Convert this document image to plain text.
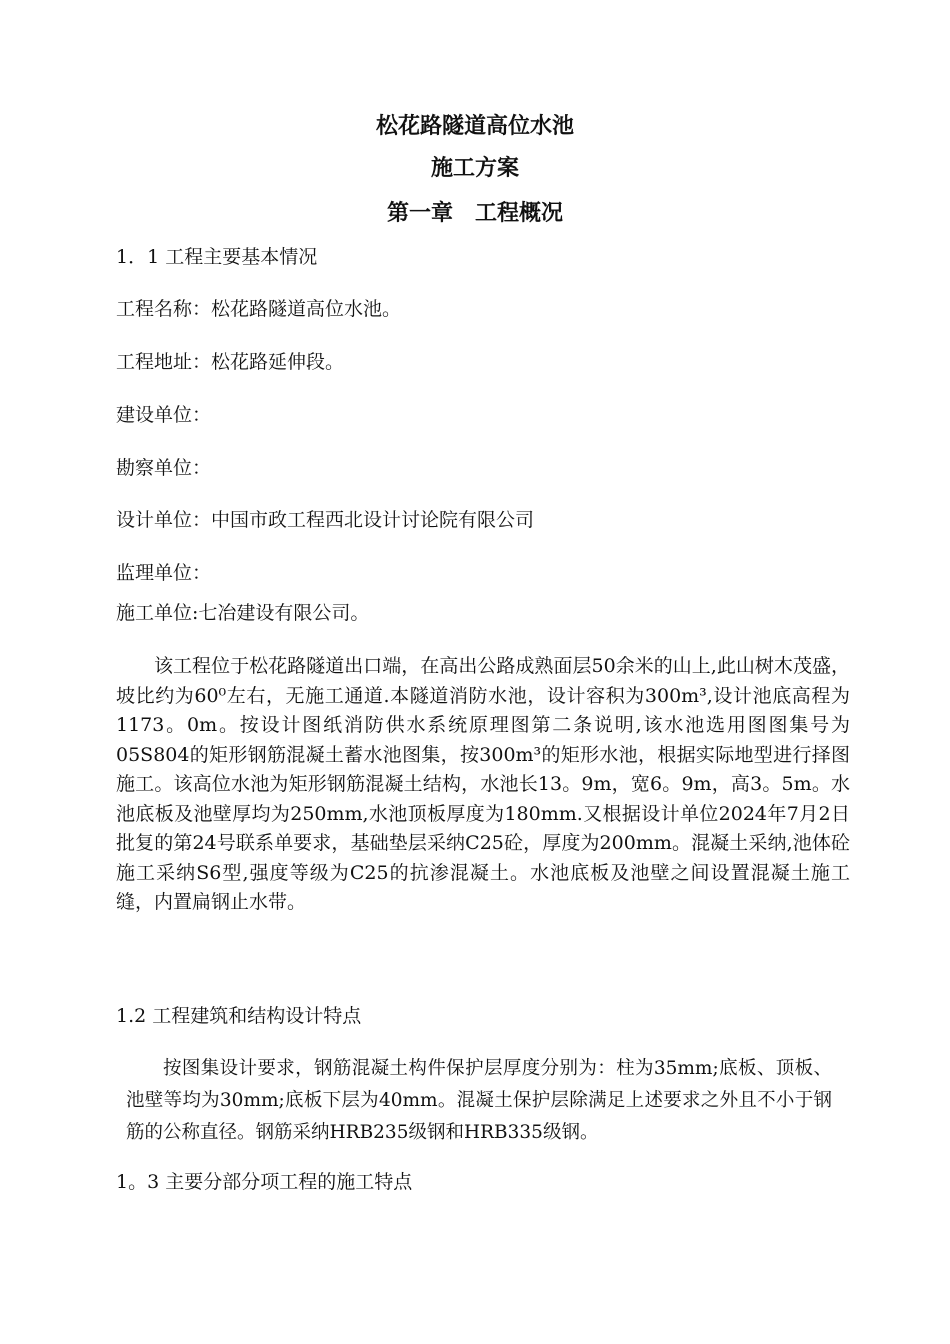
松花路隧道高位水池
施工方案
第一章　工程概况
1．1 工程主要基本情况
工程名称：松花路隧道高位水池。
工程地址：松花路延伸段。
建设单位：
勘察单位：
设计单位：中国市政工程西北设计讨论院有限公司
监理单位：
施工单位:七冶建设有限公司。
该工程位于松花路隧道出口端，在高出公路成熟面层50余米的山上,此山树木茂盛，坡比约为60⁰左右，无施工通道.本隧道消防水池，设计容积为300m³,设计池底高程为1173。0m。按设计图纸消防供水系统原理图第二条说明,该水池选用图图集号为05S804的矩形钢筋混凝土蓄水池图集，按300m³的矩形水池，根据实际地型进行择图施工。该高位水池为矩形钢筋混凝土结构，水池长13。9m，宽6。9m，高3。5m。水池底板及池壁厚均为250mm,水池顶板厚度为180mm.又根据设计单位2024年7月2日批复的第24号联系单要求，基础垫层采纳C25砼，厚度为200mm。混凝土采纳,池体砼施工采纳S6型,强度等级为C25的抗渗混凝土。水池底板及池壁之间设置混凝土施工缝，内置扁钢止水带。
1.2 工程建筑和结构设计特点
按图集设计要求，钢筋混凝土构件保护层厚度分别为：柱为35mm;底板、顶板、池壁等均为30mm;底板下层为40mm。混凝土保护层除满足上述要求之外且不小于钢筋的公称直径。钢筋采纳HRB235级钢和HRB335级钢。
1。3 主要分部分项工程的施工特点
